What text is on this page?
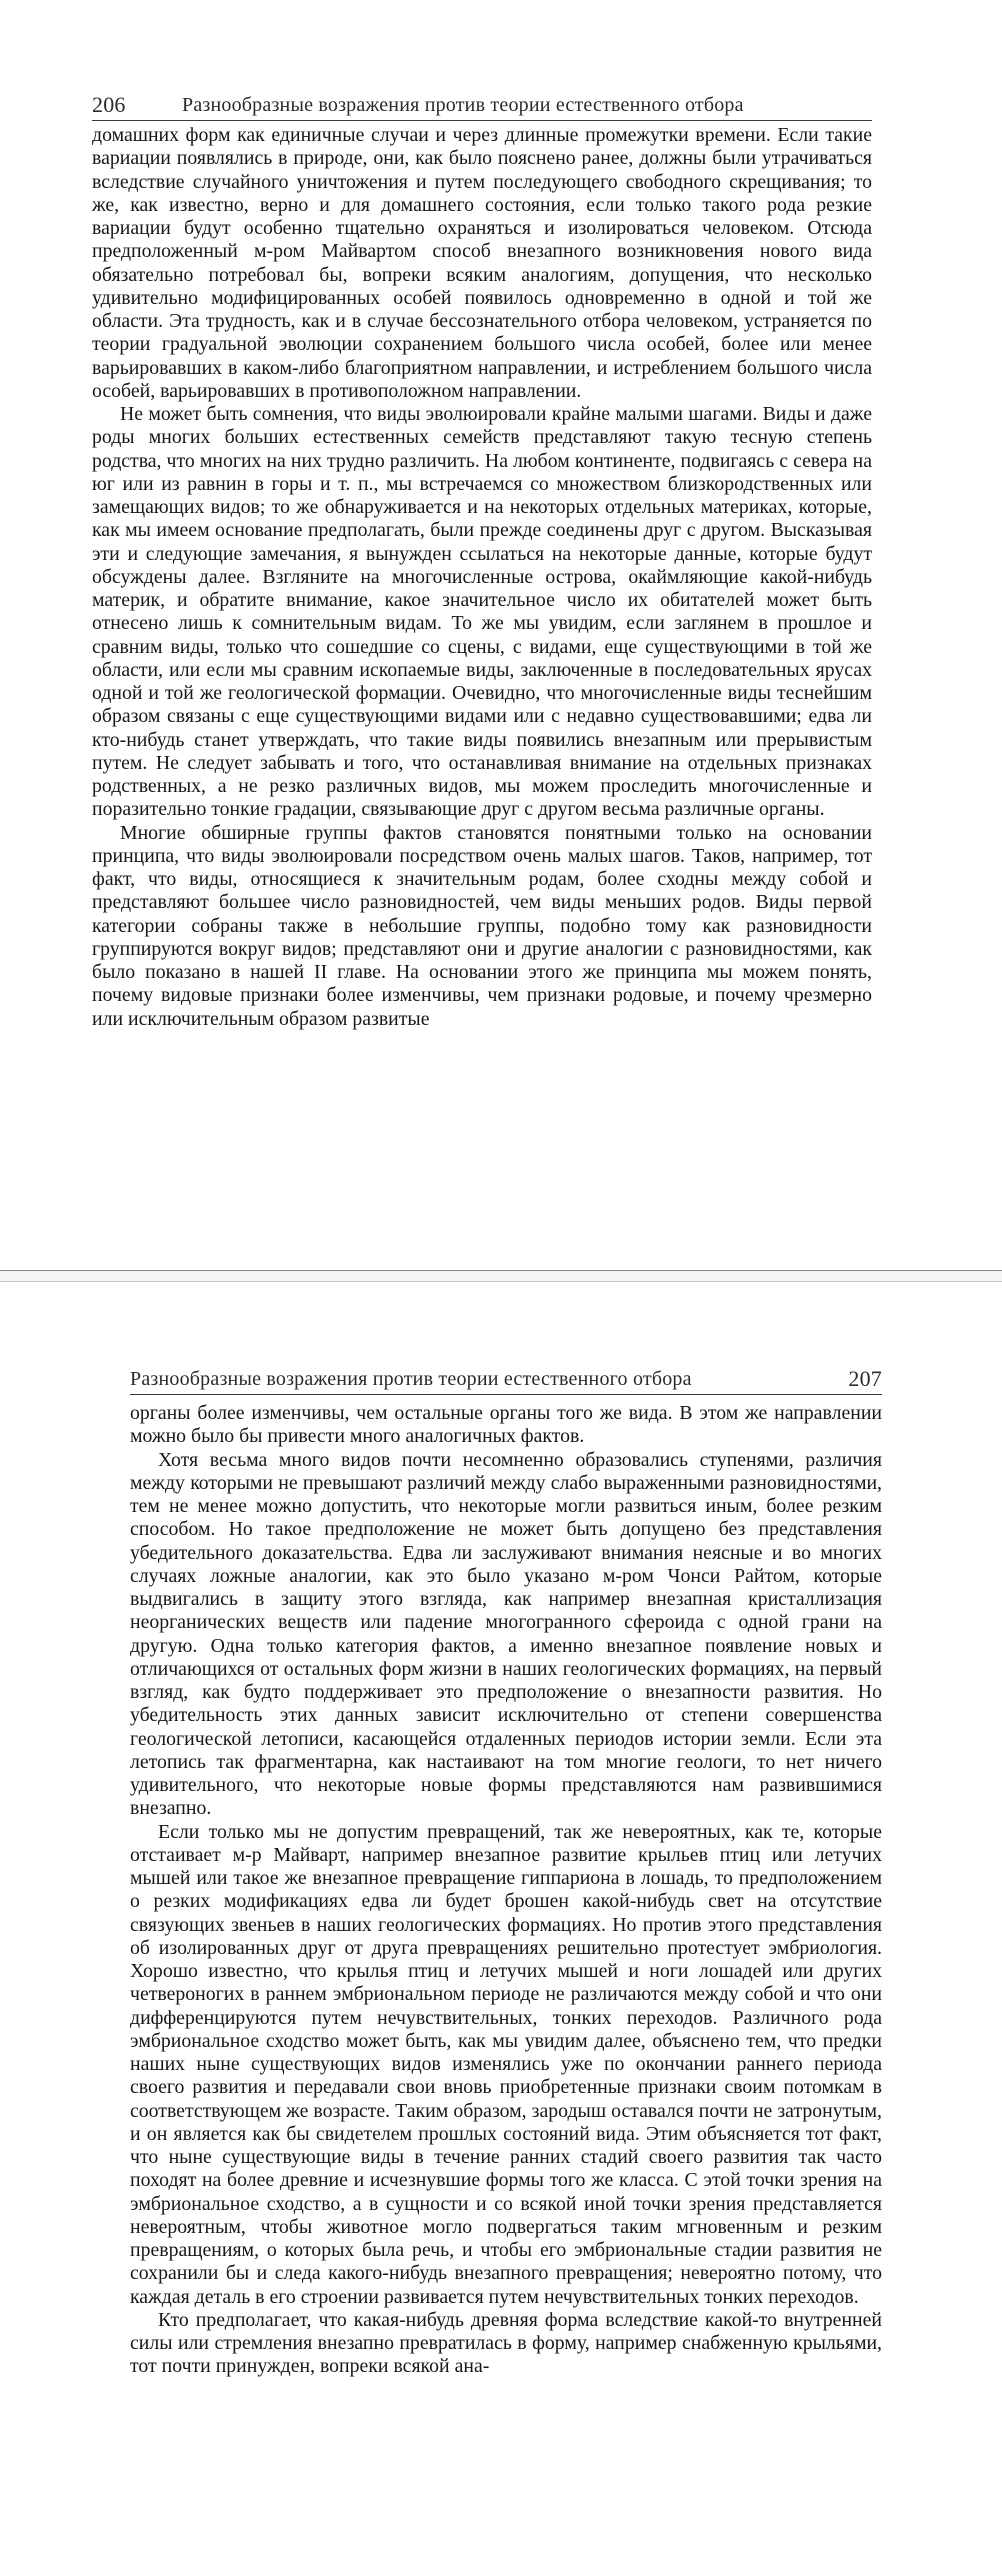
206	Разнообразные возражения против теории естественного отбора

домашних форм как единичные случаи и через длинные промежутки времени. Если такие вариации появлялись в природе, они, как было пояснено ранее, должны были утрачиваться вследствие случайного уничтожения и путем последующего свободного скрещивания; то же, как известно, верно и для домашнего состояния, если только такого рода резкие вариации будут особенно тщательно охраняться и изолироваться человеком. Отсюда предположенный м-ром Майвартом способ внезапного возникновения нового вида обязательно потребовал бы, вопреки всяким аналогиям, допущения, что несколько удивительно модифицированных особей появилось одновременно в одной и той же области. Эта трудность, как и в случае бессознательного отбора человеком, устраняется по теории градуальной эволюции сохранением большого числа особей, более или менее варьировавших в каком-либо благоприятном направлении, и истреблением большого числа особей, варьировавших в противоположном направлении.

Не может быть сомнения, что виды эволюировали крайне малыми шагами. Виды и даже роды многих больших естественных семейств представляют такую тесную степень родства, что многих на них трудно различить. На любом континенте, подвигаясь с севера на юг или из равнин в горы и т. п., мы встречаемся со множеством близкородственных или замещающих видов; то же обнаруживается и на некоторых отдельных материках, которые, как мы имеем основание предполагать, были прежде соединены друг с другом. Высказывая эти и следующие замечания, я вынужден ссылаться на некоторые данные, которые будут обсуждены далее. Взгляните на многочисленные острова, окаймляющие какой-нибудь материк, и обратите внимание, какое значительное число их обитателей может быть отнесено лишь к сомнительным видам. То же мы увидим, если заглянем в прошлое и сравним виды, только что сошедшие со сцены, с видами, еще существующими в той же области, или если мы сравним ископаемые виды, заключенные в последовательных ярусах одной и той же геологической формации. Очевидно, что многочисленные виды теснейшим образом связаны с еще существующими видами или с недавно существовавшими; едва ли кто-нибудь станет утверждать, что такие виды появились внезапным или прерывистым путем. Не следует забывать и того, что останавливая внимание на отдельных признаках родственных, а не резко различных видов, мы можем проследить многочисленные и поразительно тонкие градации, связывающие друг с другом весьма различные органы.

Многие обширные группы фактов становятся понятными только на основании принципа, что виды эволюировали посредством очень малых шагов. Таков, например, тот факт, что виды, относящиеся к значительным родам, более сходны между собой и представляют большее число разновидностей, чем виды меньших родов. Виды первой категории собраны также в небольшие группы, подобно тому как разновидности группируются вокруг видов; представляют они и другие аналогии с разновидностями, как было показано в нашей II главе. На основании этого же принципа мы можем понять, почему видовые признаки более изменчивы, чем признаки родовые, и почему чрезмерно или исключительным образом развитые

Разнообразные возражения против теории естественного отбора	207

органы более изменчивы, чем остальные органы того же вида. В этом же направлении можно было бы привести много аналогичных фактов.

Хотя весьма много видов почти несомненно образовались ступенями, различия между которыми не превышают различий между слабо выраженными разновидностями, тем не менее можно допустить, что некоторые могли развиться иным, более резким способом. Но такое предположение не может быть допущено без представления убедительного доказательства. Едва ли заслуживают внимания неясные и во многих случаях ложные аналогии, как это было указано м-ром Чонси Райтом, которые выдвигались в защиту этого взгляда, как например внезапная кристаллизация неорганических веществ или падение многогранного сфероида с одной грани на другую. Одна только категория фактов, а именно внезапное появление новых и отличающихся от остальных форм жизни в наших геологических формациях, на первый взгляд, как будто поддерживает это предположение о внезапности развития. Но убедительность этих данных зависит исключительно от степени совершенства геологической летописи, касающейся отдаленных периодов истории земли. Если эта летопись так фрагментарна, как настаивают на том многие геологи, то нет ничего удивительного, что некоторые новые формы представляются нам развившимися внезапно.

Если только мы не допустим превращений, так же невероятных, как те, которые отстаивает м-р Майварт, например внезапное развитие крыльев птиц или летучих мышей или такое же внезапное превращение гиппариона в лошадь, то предположением о резких модификациях едва ли будет брошен какой-нибудь свет на отсутствие связующих звеньев в наших геологических формациях. Но против этого представления об изолированных друг от друга превращениях решительно протестует эмбриология. Хорошо известно, что крылья птиц и летучих мышей и ноги лошадей или других четвероногих в раннем эмбриональном периоде не различаются между собой и что они дифференцируются путем нечувствительных, тонких переходов. Различного рода эмбриональное сходство может быть, как мы увидим далее, объяснено тем, что предки наших ныне существующих видов изменялись уже по окончании раннего периода своего развития и передавали свои вновь приобретенные признаки своим потомкам в соответствующем же возрасте. Таким образом, зародыш оставался почти не затронутым, и он является как бы свидетелем прошлых состояний вида. Этим объясняется тот факт, что ныне существующие виды в течение ранних стадий своего развития так часто походят на более древние и исчезнувшие формы того же класса. С этой точки зрения на эмбриональное сходство, а в сущности и со всякой иной точки зрения представляется невероятным, чтобы животное могло подвергаться таким мгновенным и резким превращениям, о которых была речь, и чтобы его эмбриональные стадии развития не сохранили бы и следа какого-нибудь внезапного превращения; невероятно потому, что каждая деталь в его строении развивается путем нечувствительных тонких переходов.

Кто предполагает, что какая-нибудь древняя форма вследствие какой-то внутренней силы или стремления внезапно превратилась в форму, например снабженную крыльями, тот почти принужден, вопреки всякой ана-
